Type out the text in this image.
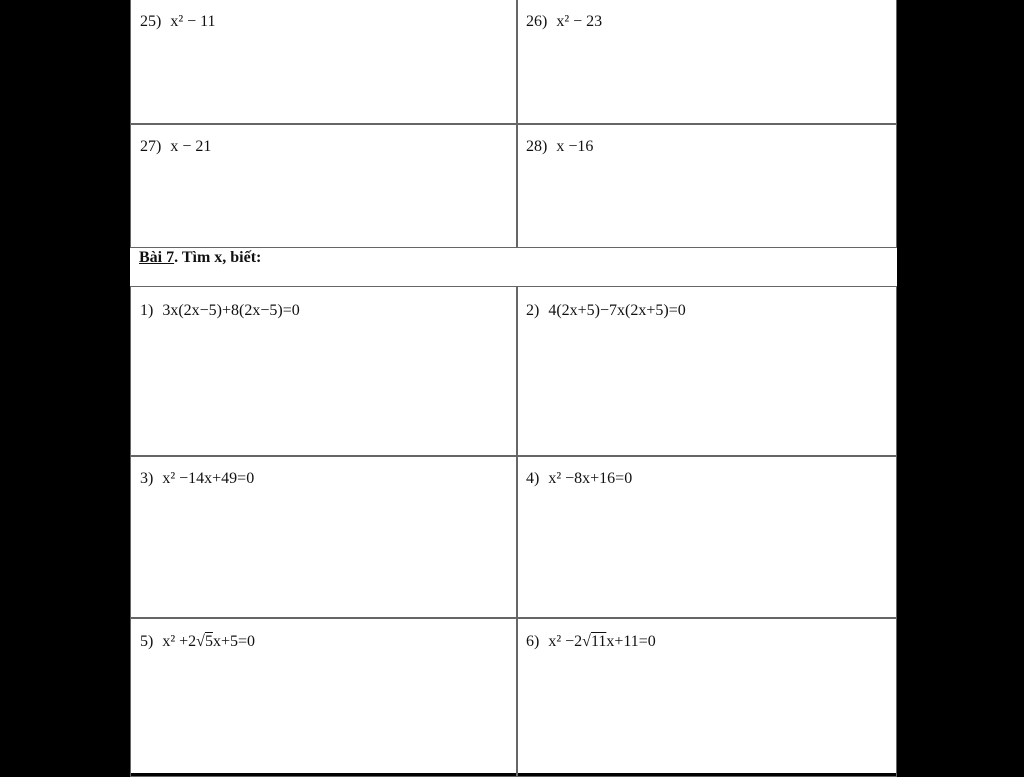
25) x² − 11	26) x² − 23
27) x − 21	28) x −16
Bài 7. Tìm x, biết:
1) 3x(2x−5)+8(2x−5)=0	2) 4(2x+5)−7x(2x+5)=0
3) x² −14x+49=0	4) x² −8x+16=0
5) x² +2√5x+5=0	6) x² −2√11x+11=0
